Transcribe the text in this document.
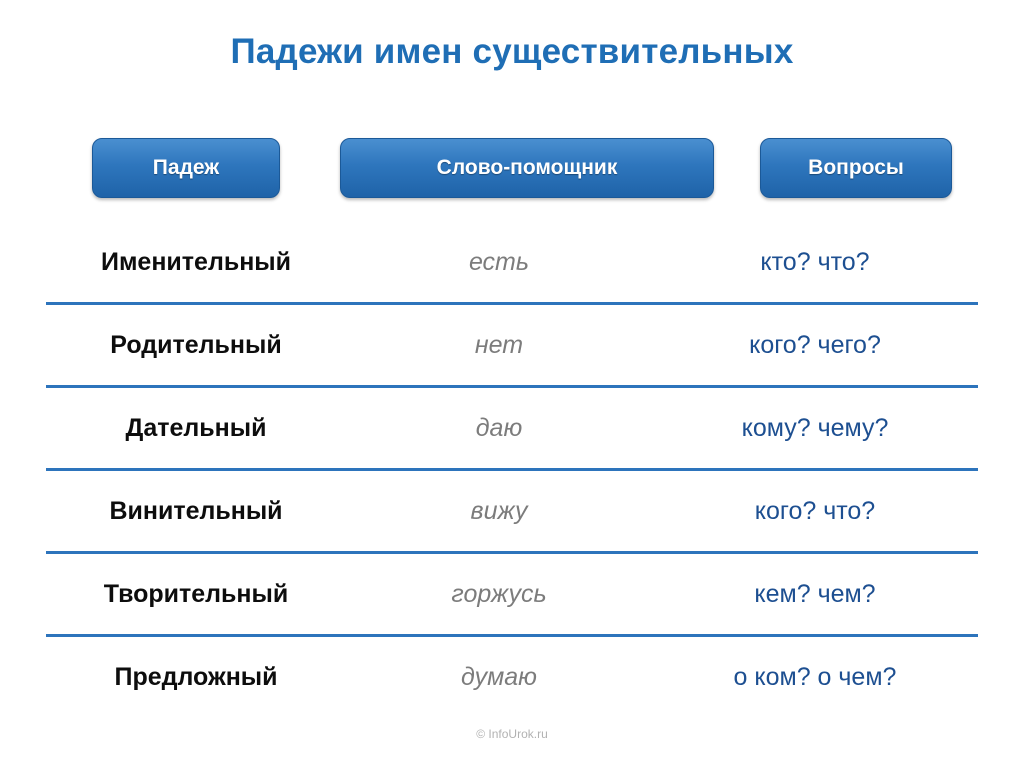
Падежи имен существительных
Падеж	Слово-помощник	Вопросы
Именительный	есть	кто? что?
Родительный	нет	кого? чего?
Дательный	даю	кому? чему?
Винительный	вижу	кого? что?
Творительный	горжусь	кем? чем?
Предложный	думаю	о ком? о чем?
© InfoUrok.ru
